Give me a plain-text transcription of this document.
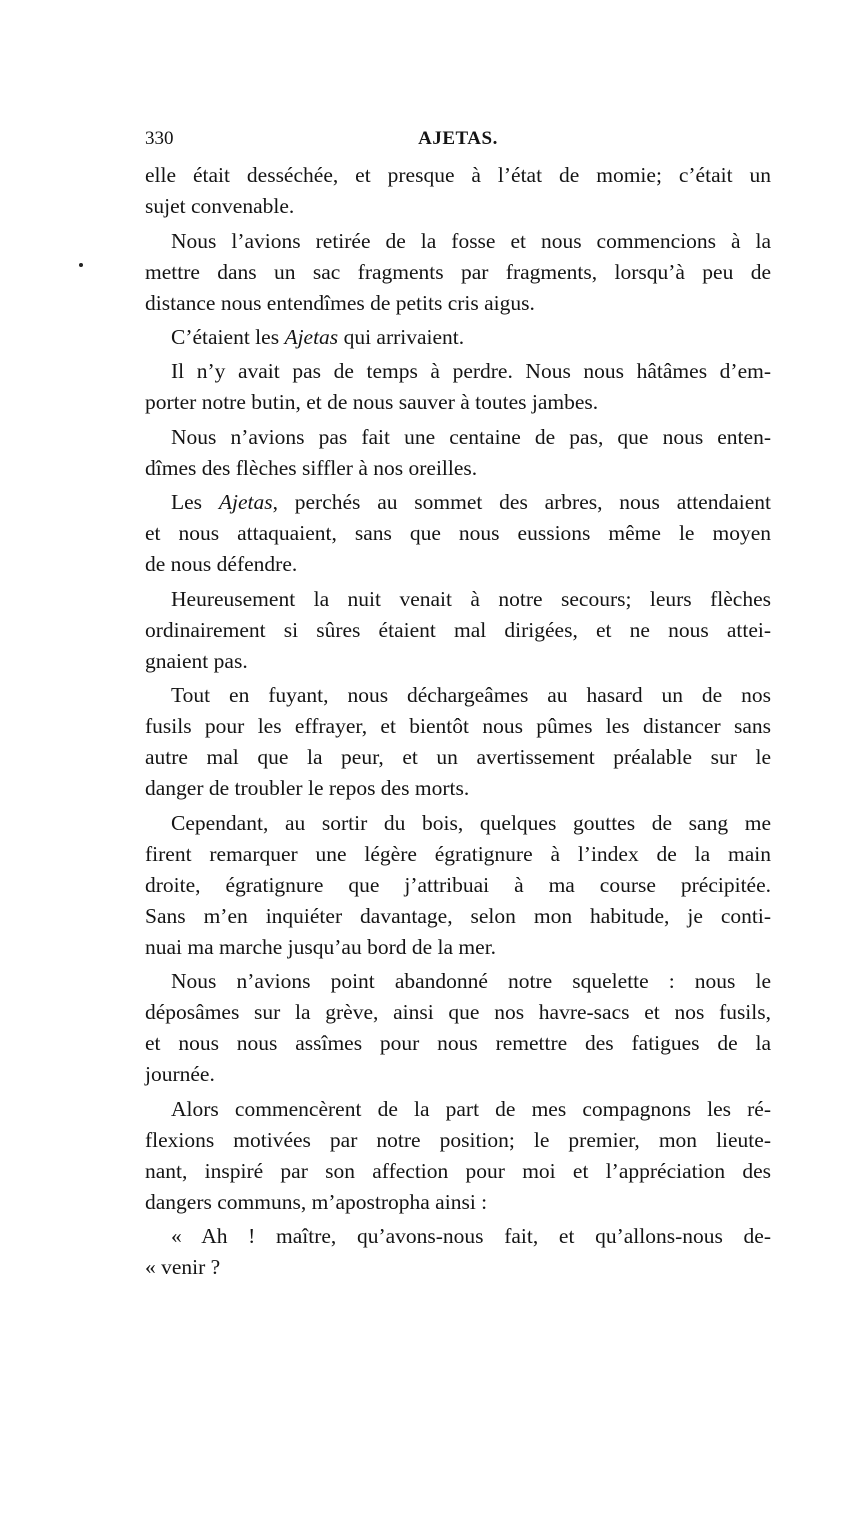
330	AJETAS.
elle était desséchée, et presque à l’état de momie; c’était un
sujet convenable.
Nous l’avions retirée de la fosse et nous commencions à la
mettre dans un sac fragments par fragments, lorsqu’à peu de
distance nous entendîmes de petits cris aigus.
C’étaient les Ajetas qui arrivaient.
Il n’y avait pas de temps à perdre. Nous nous hâtâmes d’em-
porter notre butin, et de nous sauver à toutes jambes.
Nous n’avions pas fait une centaine de pas, que nous enten-
dîmes des flèches siffler à nos oreilles.
Les Ajetas, perchés au sommet des arbres, nous attendaient
et nous attaquaient, sans que nous eussions même le moyen
de nous défendre.
Heureusement la nuit venait à notre secours; leurs flèches
ordinairement si sûres étaient mal dirigées, et ne nous attei-
gnaient pas.
Tout en fuyant, nous déchargeâmes au hasard un de nos
fusils pour les effrayer, et bientôt nous pûmes les distancer sans
autre mal que la peur, et un avertissement préalable sur le
danger de troubler le repos des morts.
Cependant, au sortir du bois, quelques gouttes de sang me
firent remarquer une légère égratignure à l’index de la main
droite, égratignure que j’attribuai à ma course précipitée.
Sans m’en inquiéter davantage, selon mon habitude, je conti-
nuai ma marche jusqu’au bord de la mer.
Nous n’avions point abandonné notre squelette : nous le
déposâmes sur la grève, ainsi que nos havre-sacs et nos fusils,
et nous nous assîmes pour nous remettre des fatigues de la
journée.
Alors commencèrent de la part de mes compagnons les ré-
flexions motivées par notre position; le premier, mon lieute-
nant, inspiré par son affection pour moi et l’appréciation des
dangers communs, m’apostropha ainsi :
« Ah ! maître, qu’avons-nous fait, et qu’allons-nous de-
« venir ?
